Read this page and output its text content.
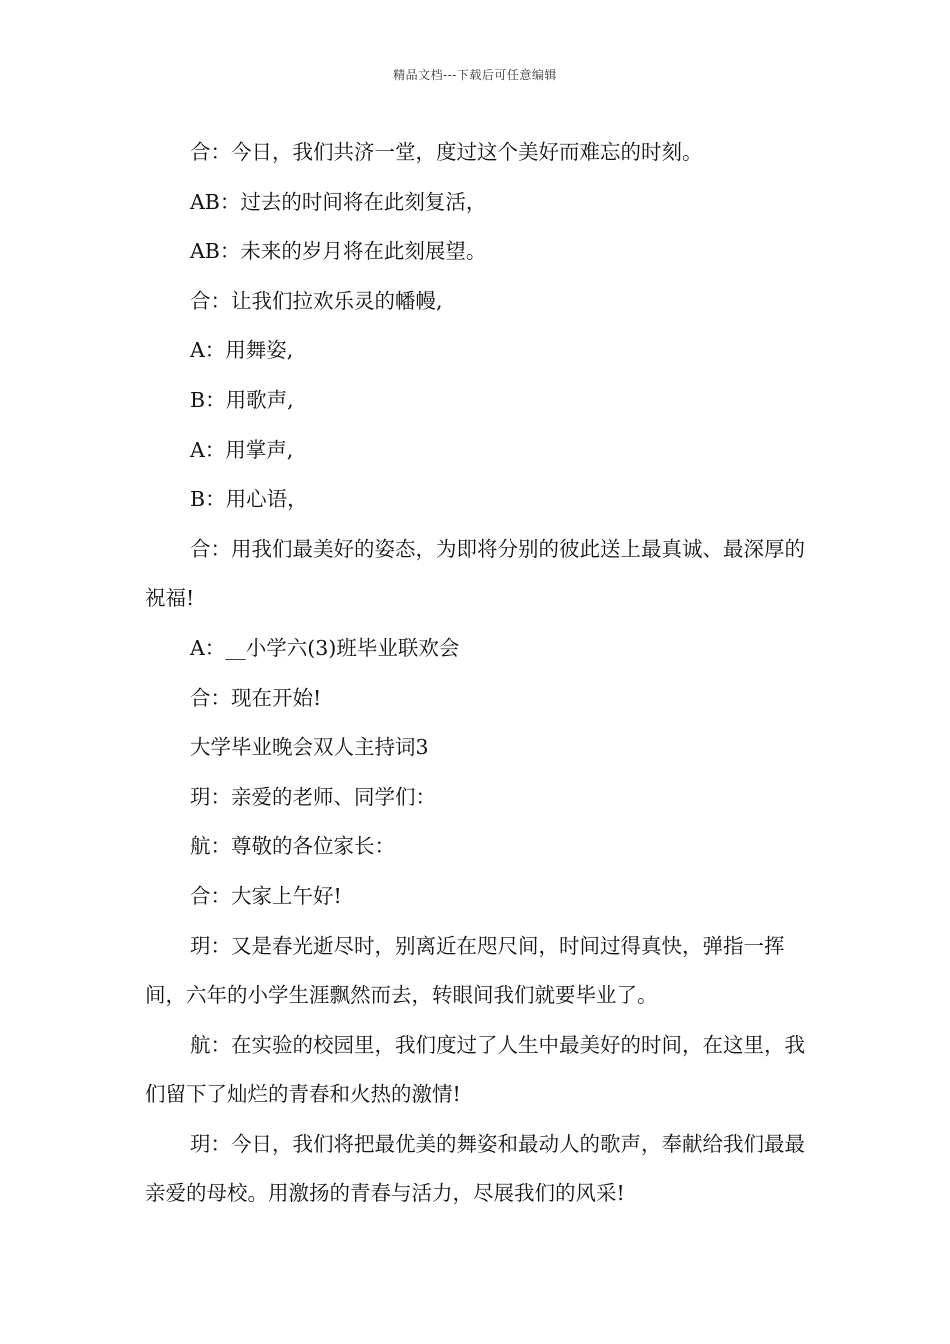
精品文档---下载后可任意编辑

合：今日，我们共济一堂，度过这个美好而难忘的时刻。

AB：过去的时间将在此刻复活，

AB：未来的岁月将在此刻展望。

合：让我们拉欢乐灵的幡幔,

A：用舞姿,

B：用歌声,

A：用掌声,

B：用心语，

合：用我们最美好的姿态，为即将分别的彼此送上最真诚、最深厚的祝福!

A：__小学六(3)班毕业联欢会

合：现在开始!

大学毕业晚会双人主持词3

玥：亲爱的老师、同学们：

航：尊敬的各位家长：

合：大家上午好!

玥：又是春光逝尽时，别离近在咫尺间，时间过得真快，弹指一挥间，六年的小学生涯飘然而去，转眼间我们就要毕业了。

航：在实验的校园里，我们度过了人生中最美好的时间，在这里，我们留下了灿烂的青春和火热的激情!

玥：今日，我们将把最优美的舞姿和最动人的歌声，奉献给我们最最亲爱的母校。用激扬的青春与活力，尽展我们的风采!
